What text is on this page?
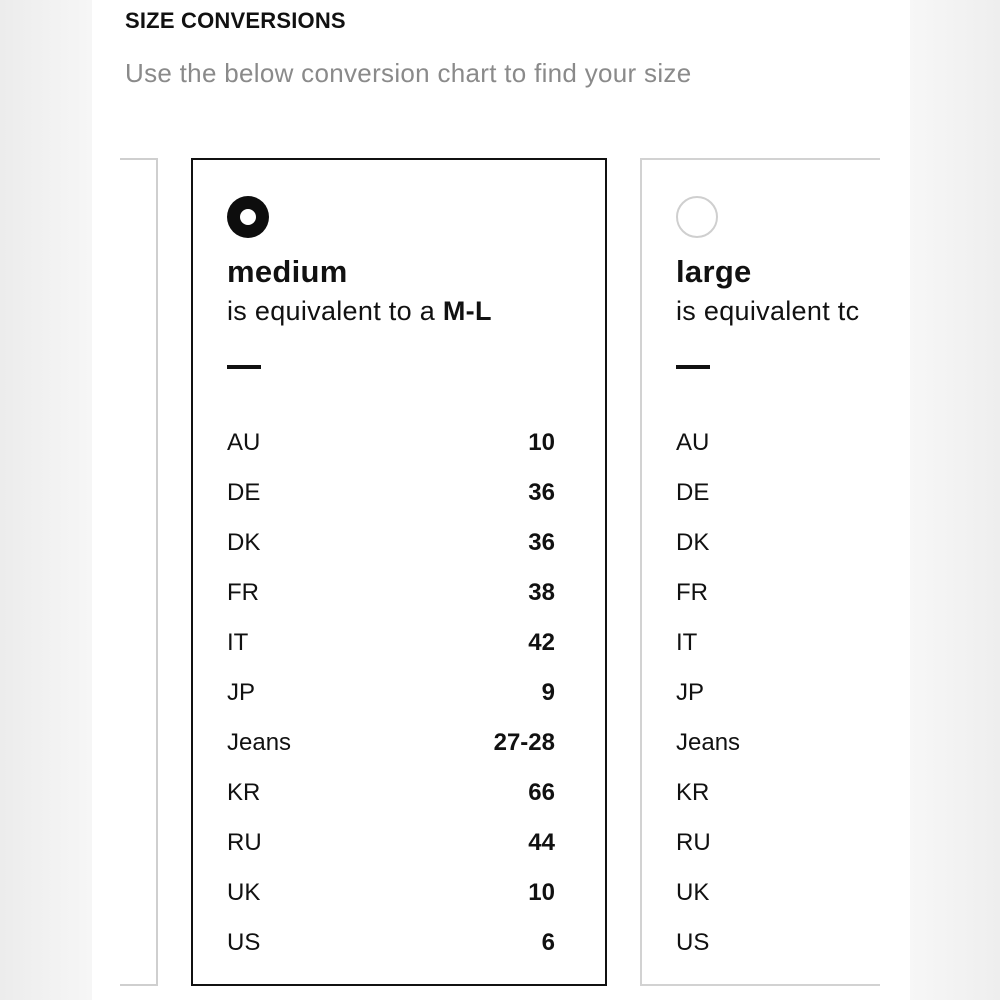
SIZE CONVERSIONS
Use the below conversion chart to find your size
medium
is equivalent to a M-L
AU	10
DE	36
DK	36
FR	38
IT	42
JP	9
Jeans	27-28
KR	66
RU	44
UK	10
US	6
large
is equivalent tc
AU
DE
DK
FR
IT
JP
Jeans
KR
RU
UK
US
